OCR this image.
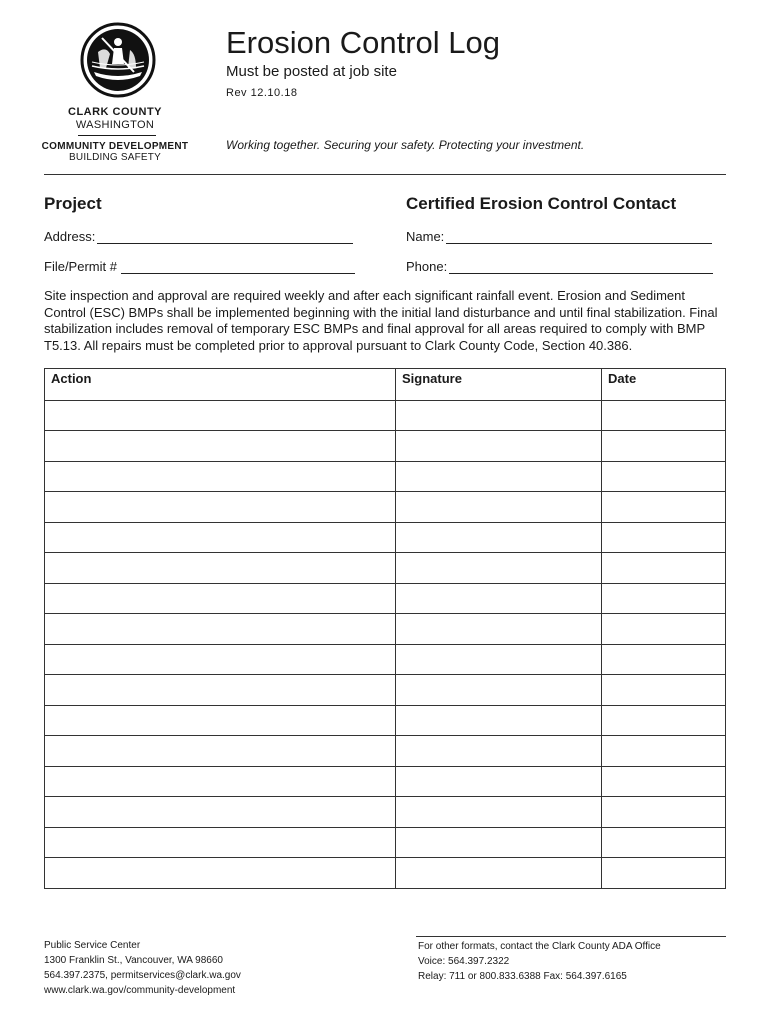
CLARK COUNTY
WASHINGTON
COMMUNITY DEVELOPMENT
BUILDING SAFETY
Erosion Control Log
Must be posted at job site
Rev 12.10.18
Working together. Securing your safety. Protecting your investment.
Project
Address:
File/Permit #
Certified Erosion Control Contact
Name:
Phone:
Site inspection and approval are required weekly and after each significant rainfall event. Erosion and Sediment Control (ESC) BMPs shall be implemented beginning with the initial land disturbance and until final stabilization. Final stabilization includes removal of temporary ESC BMPs and final approval for all areas required to comply with BMP T5.13. All repairs must be completed prior to approval pursuant to Clark County Code, Section 40.386.
Action	Signature	Date

Public Service Center
1300 Franklin St., Vancouver, WA 98660
564.397.2375, permitservices@clark.wa.gov
www.clark.wa.gov/community-development
For other formats, contact the Clark County ADA Office
Voice: 564.397.2322
Relay: 711 or 800.833.6388 Fax: 564.397.6165
